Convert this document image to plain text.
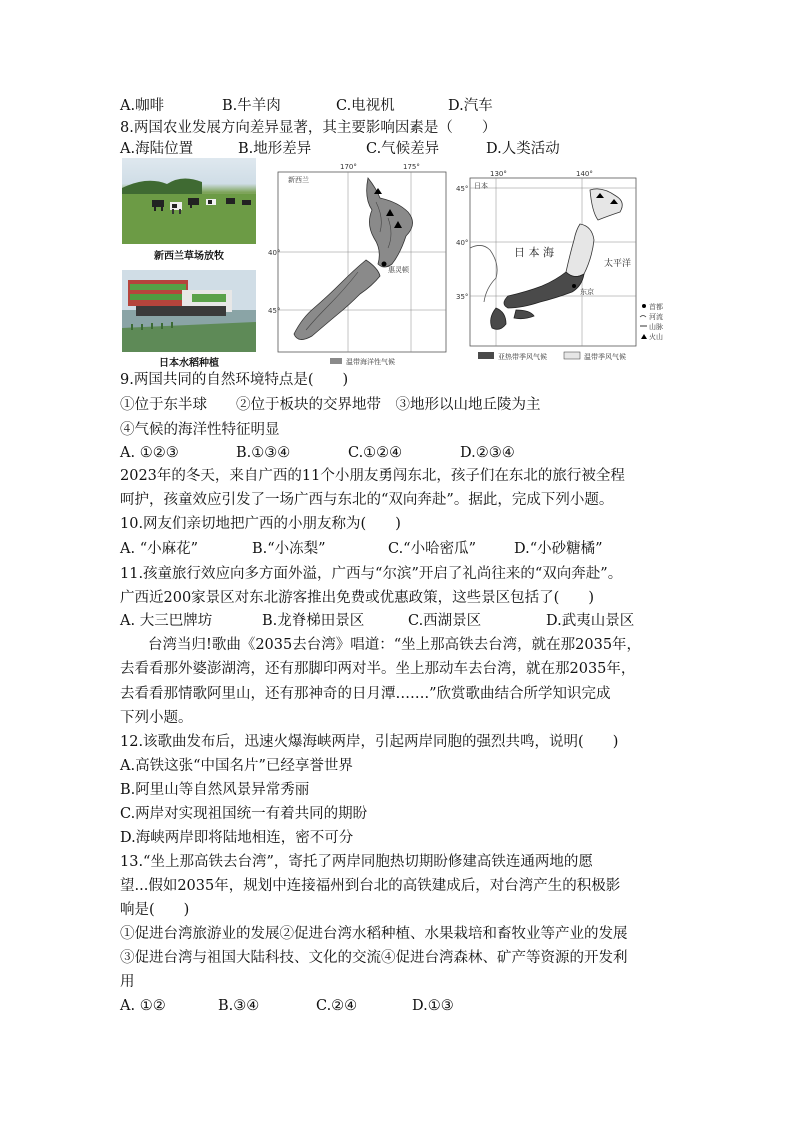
A.咖啡	B.牛羊肉	C.电视机	D.汽车
8.两国农业发展方向差异显著，其主要影响因素是（　　）
A.海陆位置	B.地形差异	C.气候差异	D.人类活动
新西兰草场放牧
日本水稻种植
新西兰
170°	175°
40°
45°
惠灵顿
温带海洋性气候
日本
130°	140°
45°
40°
35°
日 本 海
太平洋
东京
首都
河流
山脉
火山
亚热带季风气候	温带季风气候
9.两国共同的自然环境特点是(　　)
①位于东半球　　②位于板块的交界地带　③地形以山地丘陵为主
④气候的海洋性特征明显
A. ①②③	B.①③④	C.①②④	D.②③④
2023年的冬天，来自广西的11个小朋友勇闯东北，孩子们在东北的旅行被全程
呵护，孩童效应引发了一场广西与东北的“双向奔赴”。据此，完成下列小题。
10.网友们亲切地把广西的小朋友称为(　　)
A. “小麻花”	B.“小冻梨”	C.“小哈密瓜”	D.“小砂糖橘”
11.孩童旅行效应向多方面外溢，广西与“尔滨”开启了礼尚往来的“双向奔赴”。
广西近200家景区对东北游客推出免费或优惠政策，这些景区包括了(　　)
A. 大三巴牌坊	B.龙脊梯田景区	C.西湖景区	D.武夷山景区
台湾当归!歌曲《2035去台湾》唱道：“坐上那高铁去台湾，就在那2035年，
去看看那外婆澎湖湾，还有那脚印两对半。坐上那动车去台湾，就在那2035年，
去看看那情歌阿里山，还有那神奇的日月潭…….”欣赏歌曲结合所学知识完成
下列小题。
12.该歌曲发布后，迅速火爆海峡两岸，引起两岸同胞的强烈共鸣，说明(　　)
A.高铁这张“中国名片”已经享誉世界
B.阿里山等自然风景异常秀丽
C.两岸对实现祖国统一有着共同的期盼
D.海峡两岸即将陆地相连，密不可分
13.“坐上那高铁去台湾”，寄托了两岸同胞热切期盼修建高铁连通两地的愿
望...假如2035年，规划中连接福州到台北的高铁建成后，对台湾产生的积极影
响是(　　)
①促进台湾旅游业的发展②促进台湾水稻种植、水果栽培和畜牧业等产业的发展
③促进台湾与祖国大陆科技、文化的交流④促进台湾森林、矿产等资源的开发利
用
A. ①②	B.③④	C.②④	D.①③
